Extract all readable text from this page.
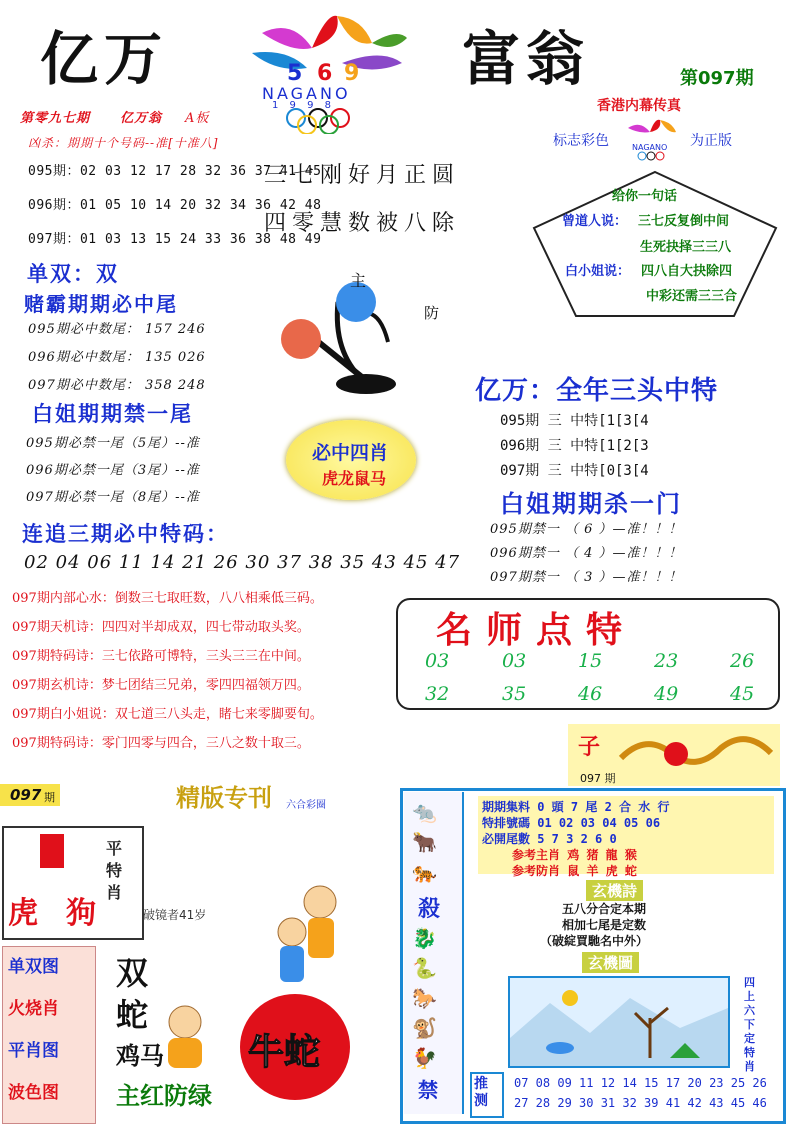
亿万	富翁
5 6 9
NAGANO
1 9 9 8
第097期
香港内幕传真
标志彩色	为正版
NAGANO
第零九七期 亿万翁 A板
凶杀：期期十个号码--准[十准八]
095期：02 03 12 17 28 32 36 37 41 45
096期：01 05 10 14 20 32 34 36 42 48
097期：01 03 13 15 24 33 36 38 48 49
三七刚好月正圆
四零慧数被八除
给你一句话
曾道人说： 三七反复倒中间
生死抉择三三八
白小姐说： 四八自大抉除四
中彩还需三三合
单双：双
赌霸期期必中尾
095期必中数尾： 157 246
096期必中数尾： 135 026
097期必中数尾： 358 248
主
防
亿万：全年三头中特
095期 三 中特[1[3[4
096期 三 中特[1[2[3
097期 三 中特[0[3[4
白姐期期禁一尾
095期必禁一尾（5尾）--准
096期必禁一尾（3尾）--准
097期必禁一尾（8尾）--准
必中四肖
虎龙鼠马
白姐期期杀一门
095期禁一 （ 6 ）—准！！！
096期禁一 （ 4 ）—准！！！
097期禁一 （ 3 ）—准！！！
连追三期必中特码：
02 04 06 11 14 21 26 30 37 38 35 43 45 47
097期内部心水：倒数三七取旺数，八八相乘低三码。
097期天机诗：四四对半却成双，四七带动取头奖。
097期特码诗：三七依路可博特，三头三三在中间。
097期玄机诗：梦七团结三兄弟，零四四福领万四。
097期白小姐说：双七道三八头走，睹七来零脚要旬。
097期特码诗：零门四零与四合，三八之数十取三。
名师点特
03	03	15	23	26
32	35	46	49	45
097 期	精版专刊 六合彩圈
虎 狗
平特肖
破镜者41岁
单双图
火烧肖
平肖图
波色图
双
蛇
鸡马
主红防绿
牛蛇
子
097 期
🐀
🐂
🐅
殺
🐉
🐍
🐎
🐒
🐓
禁
期期集料 0 頭 7 尾 2 合 水 行
特排號碼 01 02 03 04 05 06
必開尾數 5 7 3 2 6 0
参考主肖 鸡 猪 龍 猴
参考防肖 鼠 羊 虎 蛇
玄機詩
五八分合定本期
相加七尾是定数
（破綻買馳名中外）
玄機圖
四上六下定特肖
推测
07 08 09 11 12 14 15 17 20 23 25 26
27 28 29 30 31 32 39 41 42 43 45 46
